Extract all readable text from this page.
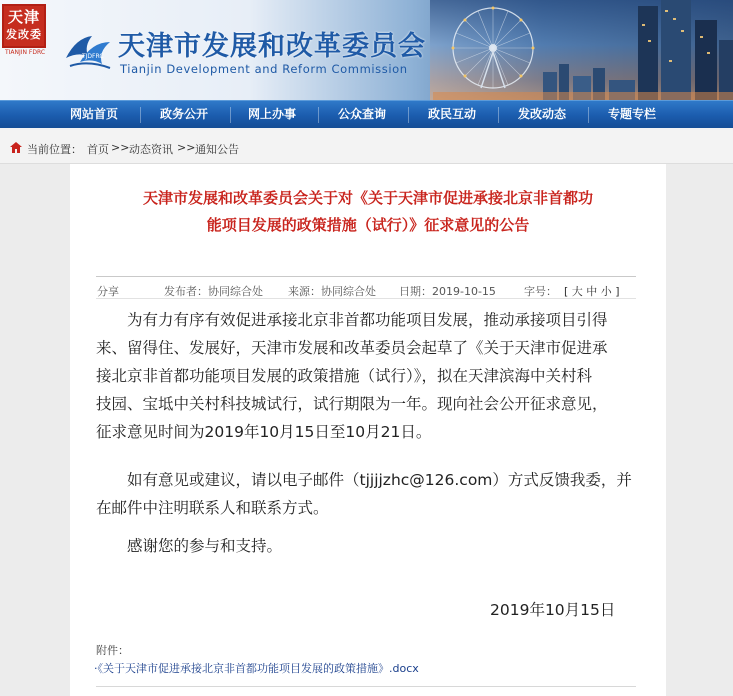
天津
发改委
TIANJIN FDRC
TJDFRC 天津市发展和改革委员会
Tianjin Development and Reform Commission
网站首页	政务公开	网上办事	公众查询	政民互动	发改动态	专题专栏
当前位置： 首页 >> 动态资讯 >> 通知公告
天津市发展和改革委员会关于对《关于天津市促进承接北京非首都功
能项目发展的政策措施（试行）》征求意见的公告
分享	发布者：协同综合处 来源：协同综合处 日期：2019-10-15	字号： [ 大 中 小 ]
为有力有序有效促进承接北京非首都功能项目发展，推动承接项目引得
来、留得住、发展好，天津市发展和改革委员会起草了《关于天津市促进承
接北京非首都功能项目发展的政策措施（试行）》，拟在天津滨海中关村科
技园、宝坻中关村科技城试行，试行期限为一年。现向社会公开征求意见，
征求意见时间为2019年10月15日至10月21日。
如有意见或建议，请以电子邮件（tjjjjzhc@126.com）方式反馈我委，并
在邮件中注明联系人和联系方式。
感谢您的参与和支持。
2019年10月15日
附件：
·《关于天津市促进承接北京非首都功能项目发展的政策措施》.docx
